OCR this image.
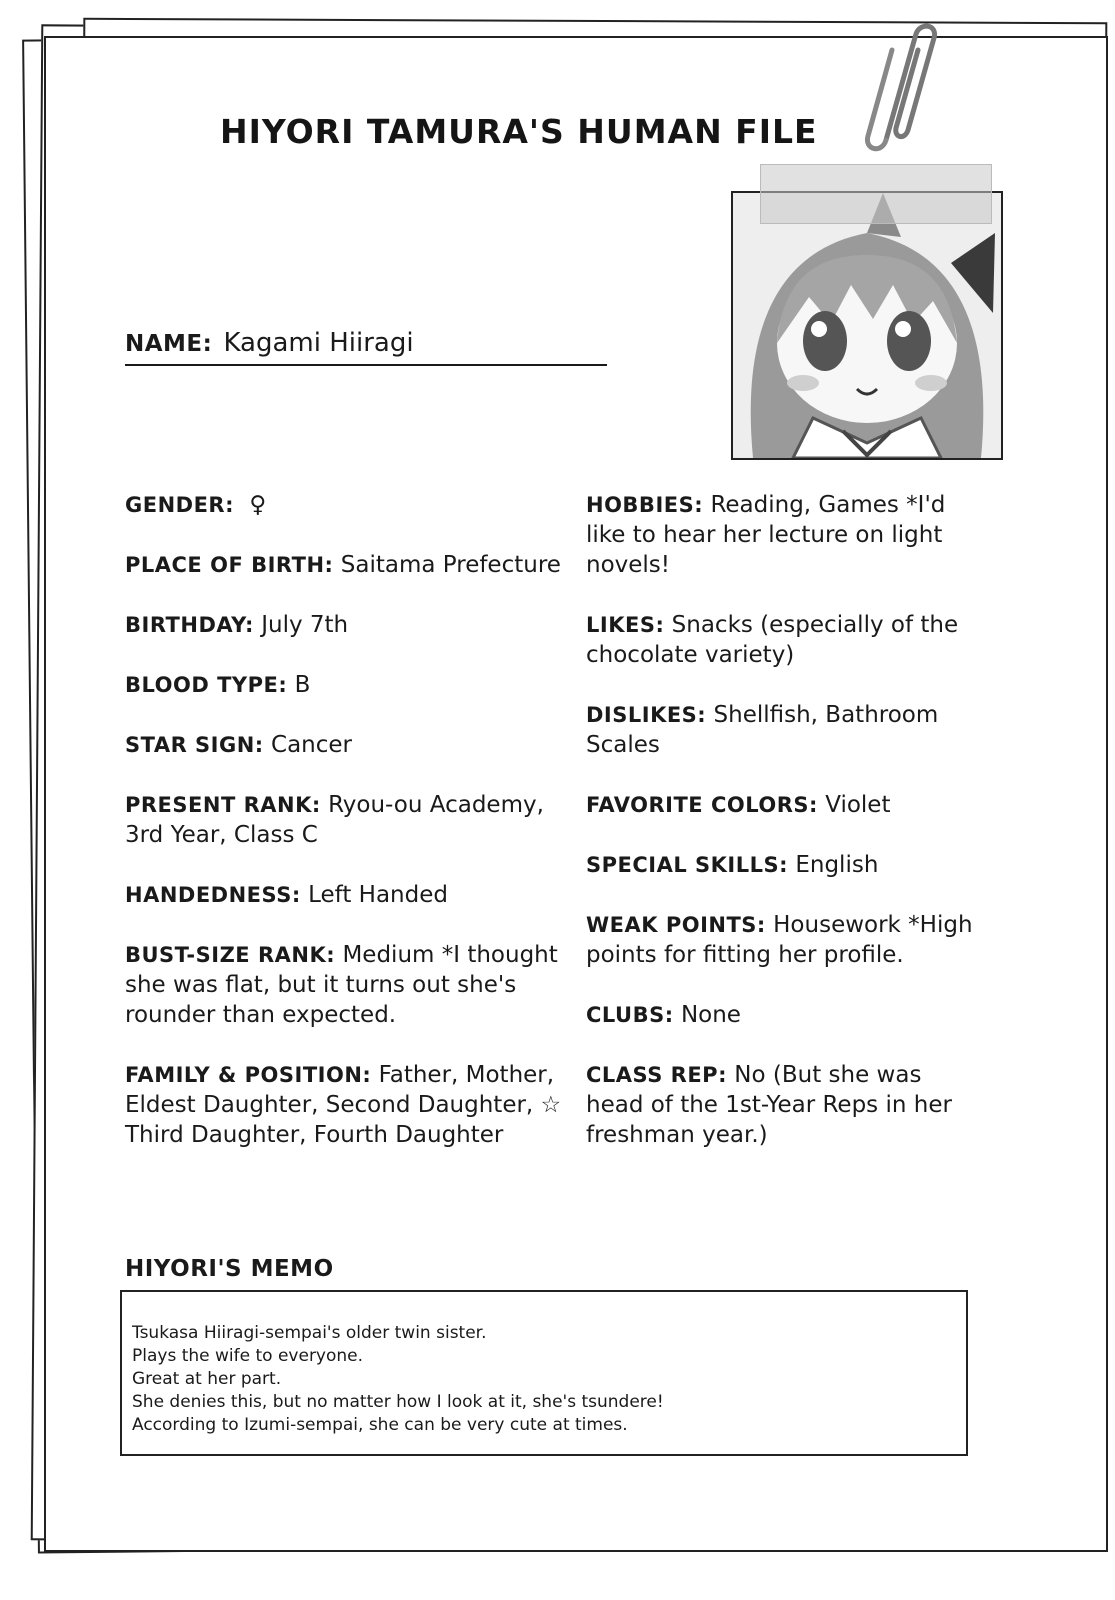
HIYORI TAMURA'S HUMAN FILE
NAME: Kagami Hiiragi
GENDER: ♀
PLACE OF BIRTH: Saitama Prefecture
BIRTHDAY: July 7th
BLOOD TYPE: B
STAR SIGN: Cancer
PRESENT RANK: Ryou-ou Academy, 3rd Year, Class C
HANDEDNESS: Left Handed
BUST-SIZE RANK: Medium *I thought she was flat, but it turns out she's rounder than expected.
FAMILY & POSITION: Father, Mother, Eldest Daughter, Second Daughter, ☆ Third Daughter, Fourth Daughter
HOBBIES: Reading, Games *I'd like to hear her lecture on light novels!
LIKES: Snacks (especially of the chocolate variety)
DISLIKES: Shellfish, Bathroom Scales
FAVORITE COLORS: Violet
SPECIAL SKILLS: English
WEAK POINTS: Housework *High points for fitting her profile.
CLUBS: None
CLASS REP: No (But she was head of the 1st-Year Reps in her freshman year.)
HIYORI'S MEMO
Tsukasa Hiiragi-sempai's older twin sister.
Plays the wife to everyone.
Great at her part.
She denies this, but no matter how I look at it, she's tsundere!
According to Izumi-sempai, she can be very cute at times.
